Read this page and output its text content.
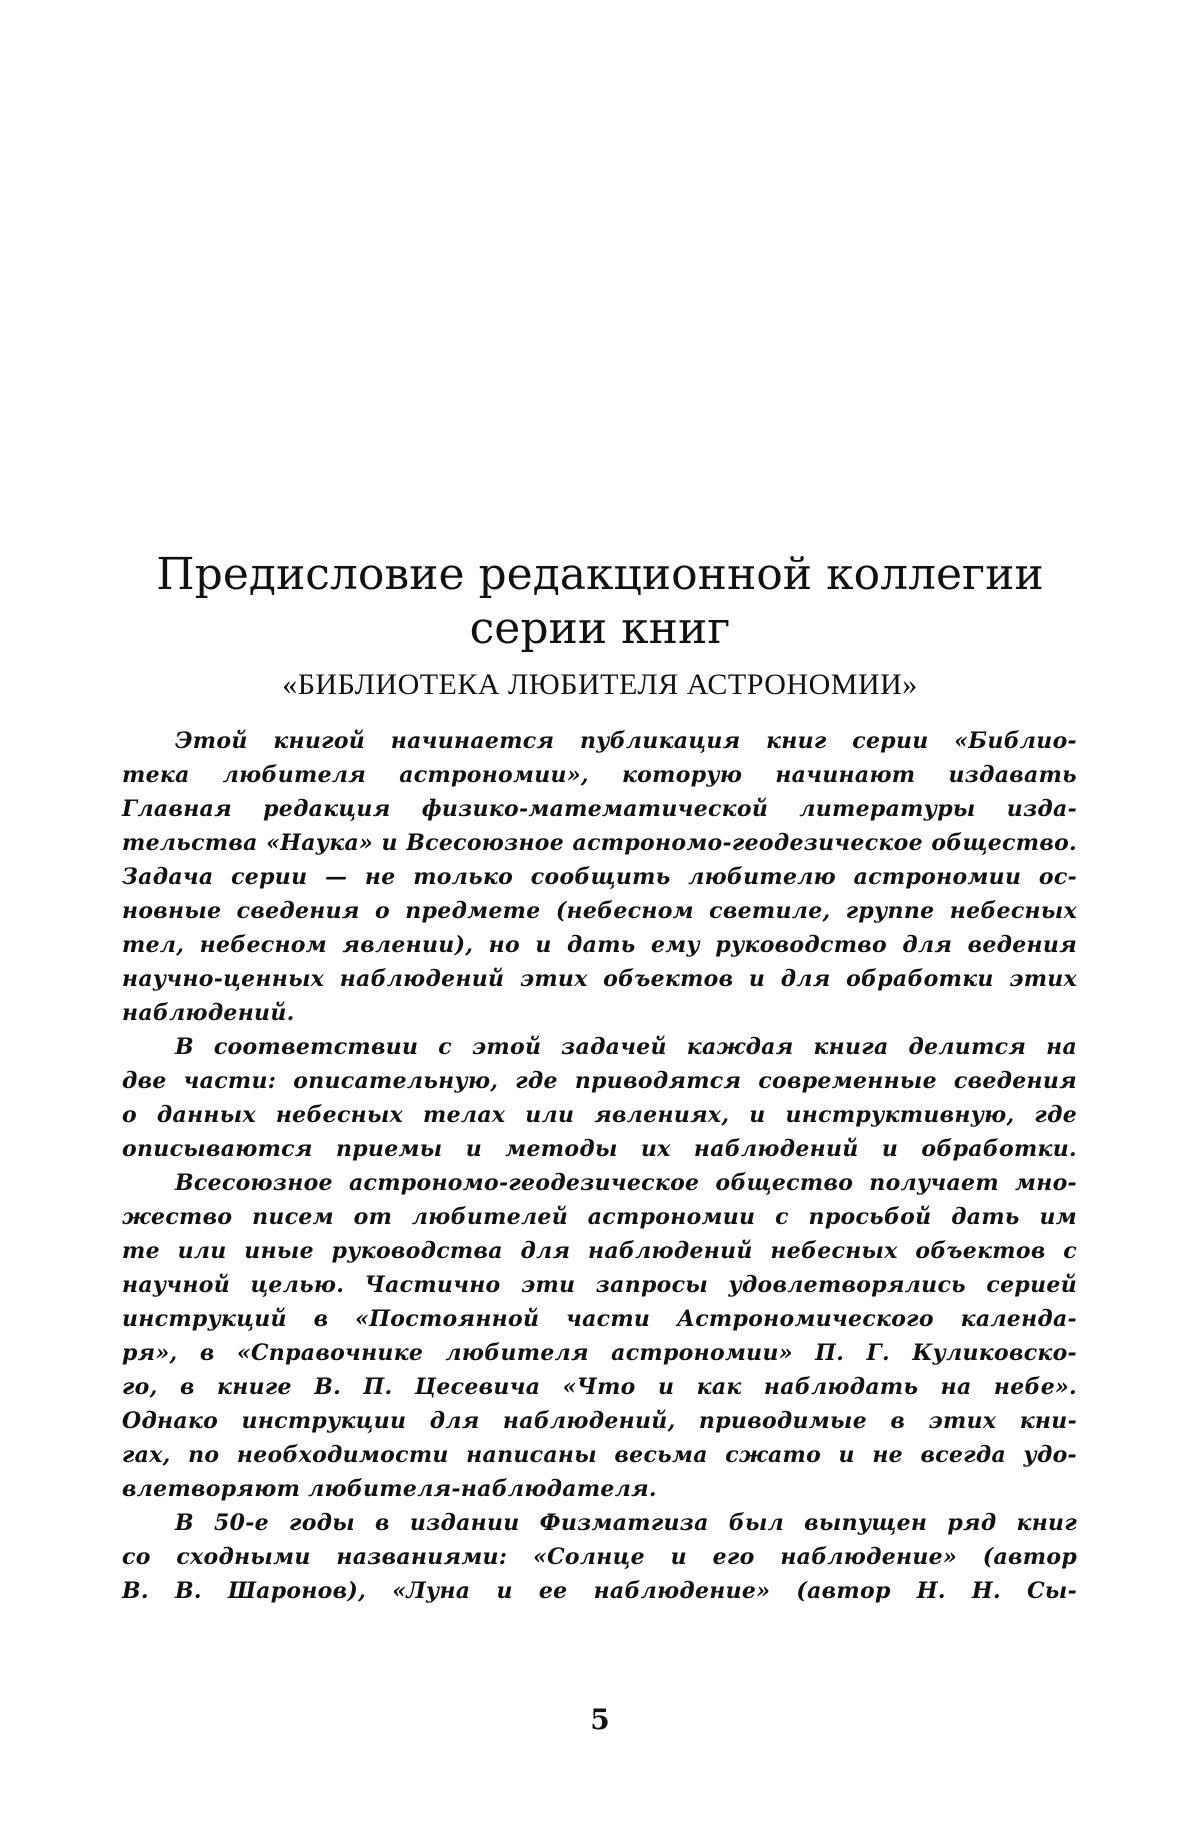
Предисловие редакционной коллегии
серии книг
«БИБЛИОТЕКА ЛЮБИТЕЛЯ АСТРОНОМИИ»
Этой книгой начинается публикация книг серии «Библио-
тека любителя астрономии», которую начинают издавать
Главная редакция физико-математической литературы изда-
тельства «Наука» и Всесоюзное астрономо-геодезическое общество.
Задача серии — не только сообщить любителю астрономии ос-
новные сведения о предмете (небесном светиле, группе небесных
тел, небесном явлении), но и дать ему руководство для ведения
научно-ценных наблюдений этих объектов и для обработки этих
наблюдений.
В соответствии с этой задачей каждая книга делится на
две части: описательную, где приводятся современные сведения
о данных небесных телах или явлениях, и инструктивную, где
описываются приемы и методы их наблюдений и обработки.
Всесоюзное астрономо-геодезическое общество получает мно-
жество писем от любителей астрономии с просьбой дать им
те или иные руководства для наблюдений небесных объектов с
научной целью. Частично эти запросы удовлетворялись серией
инструкций в «Постоянной части Астрономического календа-
ря», в «Справочнике любителя астрономии» П. Г. Куликовско-
го, в книге В. П. Цесевича «Что и как наблюдать на небе».
Однако инструкции для наблюдений, приводимые в этих кни-
гах, по необходимости написаны весьма сжато и не всегда удо-
влетворяют любителя-наблюдателя.
В 50-е годы в издании Физматгиза был выпущен ряд книг
со сходными названиями: «Солнце и его наблюдение» (автор
В. В. Шаронов), «Луна и ее наблюдение» (автор Н. Н. Сы-
5
